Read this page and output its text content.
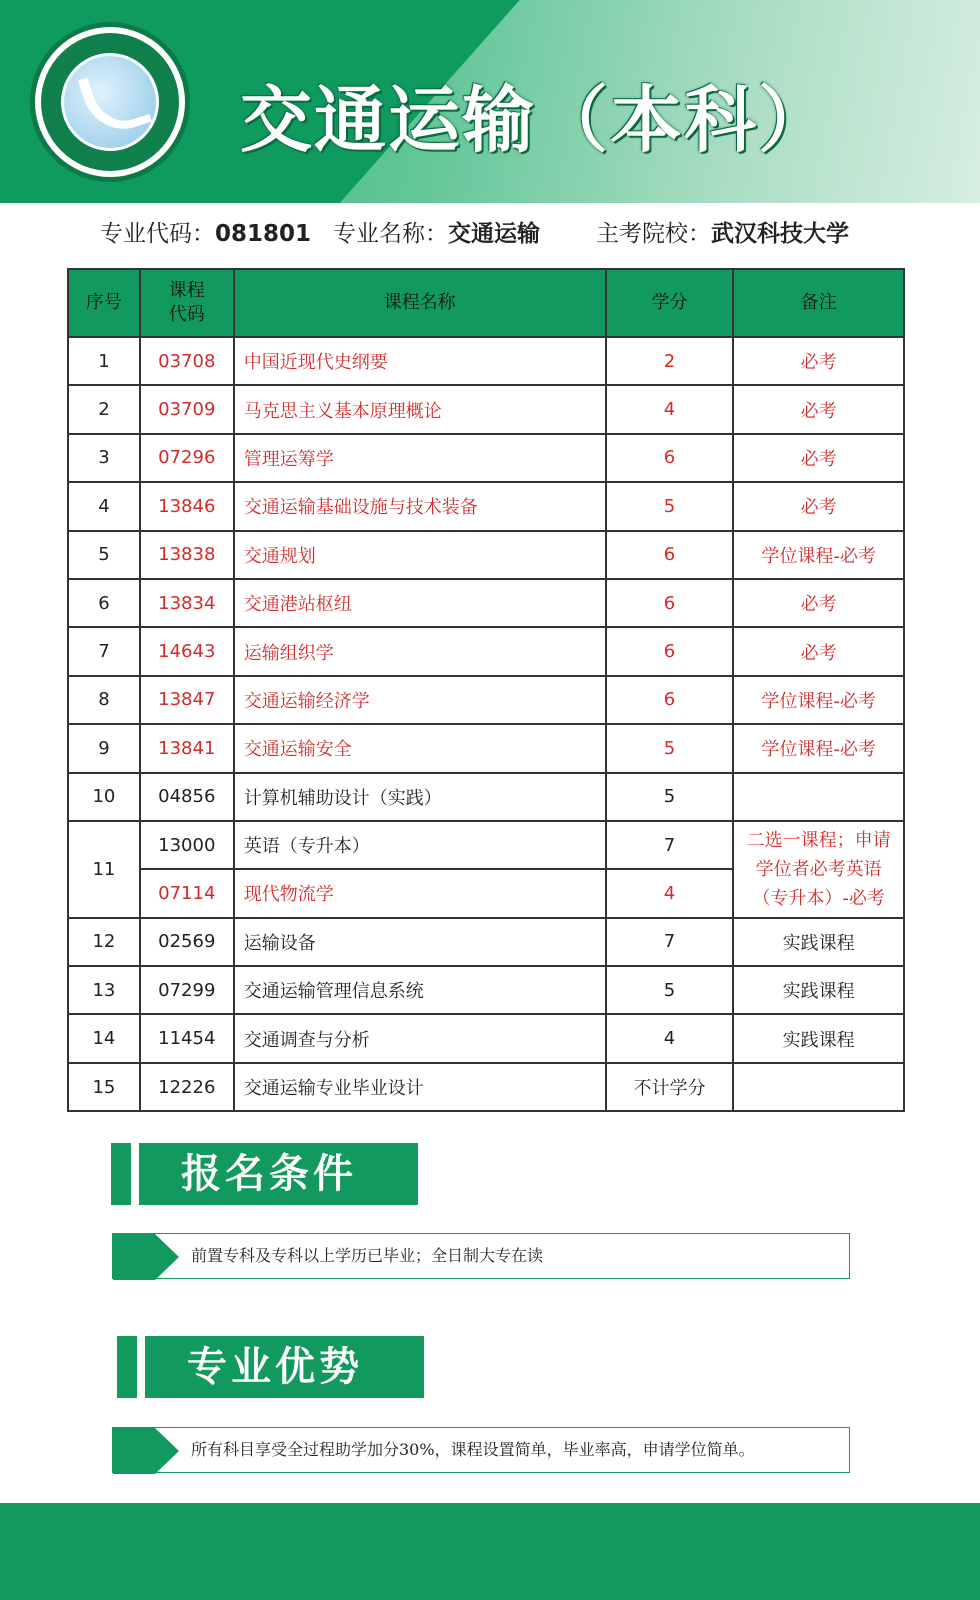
交通运输（本科）
专业代码：081801 专业名称：交通运输 主考院校：武汉科技大学
序号	课程代码	课程名称	学分	备注
1	03708	中国近现代史纲要	2	必考
2	03709	马克思主义基本原理概论	4	必考
3	07296	管理运筹学	6	必考
4	13846	交通运输基础设施与技术装备	5	必考
5	13838	交通规划	6	学位课程-必考
6	13834	交通港站枢纽	6	必考
7	14643	运输组织学	6	必考
8	13847	交通运输经济学	6	学位课程-必考
9	13841	交通运输安全	5	学位课程-必考
10	04856	计算机辅助设计（实践）	5	
11	13000	英语（专升本）	7	二选一课程；申请学位者必考英语（专升本）-必考
	07114	现代物流学	4	
12	02569	运输设备	7	实践课程
13	07299	交通运输管理信息系统	5	实践课程
14	11454	交通调查与分析	4	实践课程
15	12226	交通运输专业毕业设计	不计学分	
报名条件
前置专科及专科以上学历已毕业；全日制大专在读
专业优势
所有科目享受全过程助学加分30%，课程设置简单，毕业率高，申请学位简单。
